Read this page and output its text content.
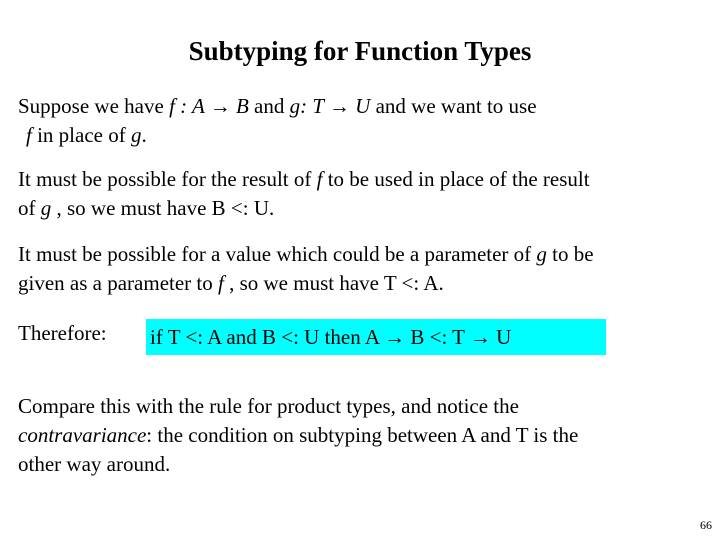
Subtyping for Function Types
Suppose we have f : A → B and g: T → U and we want to use
f in place of g.
It must be possible for the result of f to be used in place of the result
of g , so we must have B <: U.
It must be possible for a value which could be a parameter of g to be
given as a parameter to f , so we must have T <: A.
Therefore: if T <: A and B <: U then A → B <: T → U
Compare this with the rule for product types, and notice the
contravariance: the condition on subtyping between A and T is the
other way around.
66
